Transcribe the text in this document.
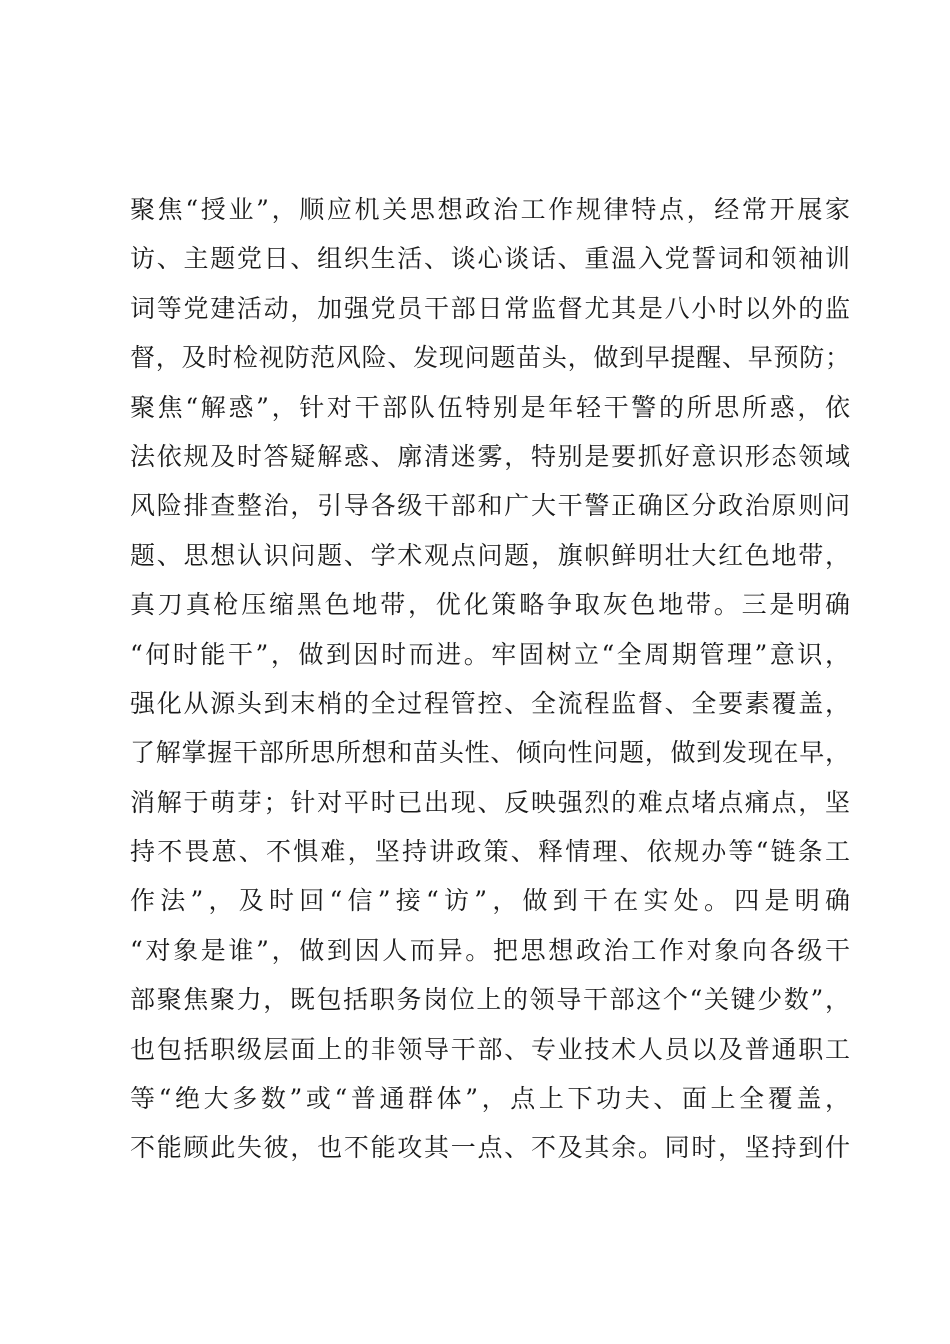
聚焦“授业”，顺应机关思想政治工作规律特点，经常开展家
访、主题党日、组织生活、谈心谈话、重温入党誓词和领袖训
词等党建活动，加强党员干部日常监督尤其是八小时以外的监
督，及时检视防范风险、发现问题苗头，做到早提醒、早预防；
聚焦“解惑”，针对干部队伍特别是年轻干警的所思所惑，依
法依规及时答疑解惑、廓清迷雾，特别是要抓好意识形态领域
风险排查整治，引导各级干部和广大干警正确区分政治原则问
题、思想认识问题、学术观点问题，旗帜鲜明壮大红色地带，
真刀真枪压缩黑色地带，优化策略争取灰色地带。三是明确
“何时能干”，做到因时而进。牢固树立“全周期管理”意识，
强化从源头到末梢的全过程管控、全流程监督、全要素覆盖，
了解掌握干部所思所想和苗头性、倾向性问题，做到发现在早，
消解于萌芽；针对平时已出现、反映强烈的难点堵点痛点，坚
持不畏葸、不惧难，坚持讲政策、释情理、依规办等“链条工
作法”，及时回“信”接“访”，做到干在实处。四是明确
“对象是谁”，做到因人而异。把思想政治工作对象向各级干
部聚焦聚力，既包括职务岗位上的领导干部这个“关键少数”，
也包括职级层面上的非领导干部、专业技术人员以及普通职工
等“绝大多数”或“普通群体”，点上下功夫、面上全覆盖，
不能顾此失彼，也不能攻其一点、不及其余。同时，坚持到什
